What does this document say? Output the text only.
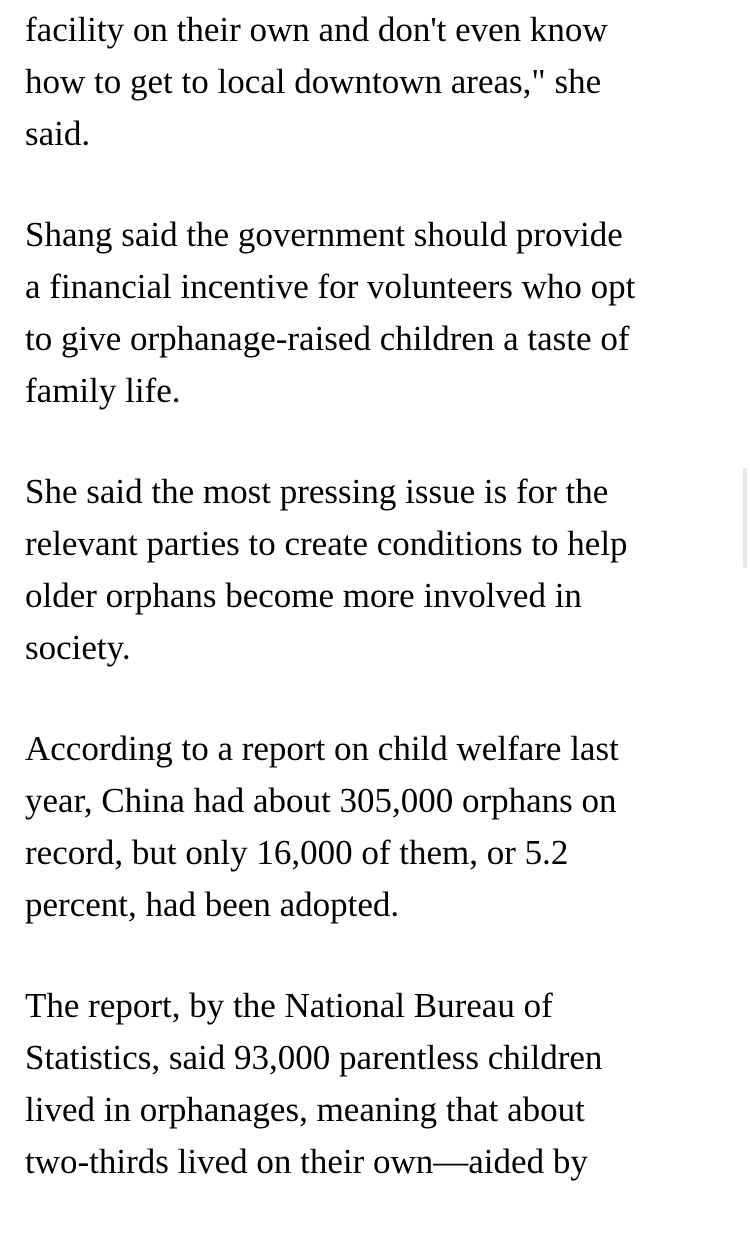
facility on their own and don't even know
how to get to local downtown areas," she
said.

Shang said the government should provide
a financial incentive for volunteers who opt
to give orphanage-raised children a taste of
family life.

She said the most pressing issue is for the
relevant parties to create conditions to help
older orphans become more involved in
society.

According to a report on child welfare last
year, China had about 305,000 orphans on
record, but only 16,000 of them, or 5.2
percent, had been adopted.

The report, by the National Bureau of
Statistics, said 93,000 parentless children
lived in orphanages, meaning that about
two-thirds lived on their own—aided by
